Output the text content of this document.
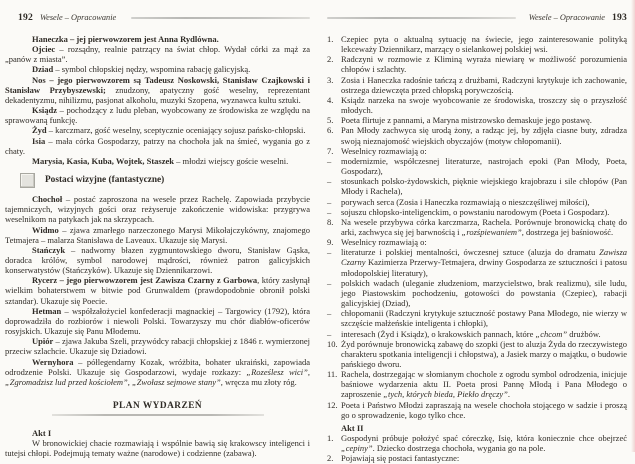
192 Wesele – Opracowanie
Haneczka – jej pierwowzorem jest Anna Rydlówna.
Ojciec – rozsądny, realnie patrzący na świat chłop. Wydał córki za mąż za „panów z miasta”.
Dziad – symbol chłopskiej nędzy, wspomina rabację galicyjską.
Nos – jego pierwowzorem są Tadeusz Noskowski, Stanisław Czajkowski i Stanisław Przybyszewski; znudzony, apatyczny gość weselny, reprezentant dekadentyzmu, nihilizmu, pasjonat alkoholu, muzyki Szopena, wyznawca kultu sztuki.
Ksiądz – pochodzący z ludu pleban, wyobcowany ze środowiska ze względu na sprawowaną funkcję.
Żyd – karczmarz, gość weselny, sceptycznie oceniający sojusz pańsko-chłopski.
Isia – mała córka Gospodarzy, patrzy na chochoła jak na śmieć, wygania go z chaty.
Marysia, Kasia, Kuba, Wojtek, Staszek – młodzi wiejscy goście weselni.
Postaci wizyjne (fantastyczne)
Chochoł – postać zaproszona na wesele przez Rachelę. Zapowiada przybycie tajemniczych, wizyjnych gości oraz reżyseruje zakończenie widowiska: przygrywa weselnikom na patykach jak na skrzypcach.
Widmo – zjawa zmarłego narzeczonego Marysi Mikołajczykówny, znajomego Tetmajera – malarza Stanisława de Laveaux. Ukazuje się Marysi.
Stańczyk – nadworny błazen zygmuntowskiego dworu, Stanisław Gąska, doradca królów, symbol narodowej mądrości, również patron galicyjskich konserwatystów (Stańczyków). Ukazuje się Dziennikarzowi.
Rycerz – jego pierwowzorem jest Zawisza Czarny z Garbowa, który zasłynął wielkim bohaterstwem w bitwie pod Grunwaldem (prawdopodobnie obronił polski sztandar). Ukazuje się Poecie.
Hetman – współzałożyciel konfederacji magnackiej – Targowicy (1792), która doprowadziła do rozbiorów i niewoli Polski. Towarzyszy mu chór diabłów-oficerów rosyjskich. Ukazuje się Panu Młodemu.
Upiór – zjawa Jakuba Szeli, przywódcy rabacji chłopskiej z 1846 r. wymierzonej przeciw szlachcie. Ukazuje się Dziadowi.
Wernyhora – półlegendarny Kozak, wróżbita, bohater ukraiński, zapowiada odrodzenie Polski. Ukazuje się Gospodarzowi, wydaje rozkazy: „Roześlesz wici”, „Zgromadzisz lud przed kościołem”, „Zwołasz sejmowe stany”, wręcza mu złoty róg.
PLAN WYDARZEŃ
Akt I
W bronowickiej chacie rozmawiają i wspólnie bawią się krakowscy inteligenci i tutejsi chłopi. Podejmują tematy ważne (narodowe) i codzienne (zabawa).
Wesele – Opracowanie 193
1. Czepiec pyta o aktualną sytuację na świecie, jego zainteresowanie polityką lekceważy Dziennikarz, marzący o sielankowej polskiej wsi.
2. Radczyni w rozmowie z Kliminą wyraża niewiarę w możliwość porozumienia chłopów i szlachty.
3. Zosia i Haneczka radośnie tańczą z drużbami, Radczyni krytykuje ich zachowanie, ostrzega dziewczęta przed chłopską porywczością.
4. Ksiądz narzeka na swoje wyobcowanie ze środowiska, troszczy się o przyszłość młodych.
5. Poeta flirtuje z pannami, a Maryna mistrzowsko demaskuje jego postawę.
6. Pan Młody zachwyca się urodą żony, a radząc jej, by zdjęła ciasne buty, zdradza swoją nieznajomość wiejskich obyczajów (motyw chłopomanii).
7. Weselnicy rozmawiają o:
–	modernizmie, współczesnej literaturze, nastrojach epoki (Pan Młody, Poeta, Gospodarz),
–	stosunkach polsko-żydowskich, pięknie wiejskiego krajobrazu i sile chłopów (Pan Młody i Rachela),
–	porywach serca (Zosia i Haneczka rozmawiają o nieszczęśliwej miłości),
–	sojuszu chłopsko-inteligenckim, o powstaniu narodowym (Poeta i Gospodarz).
8. Na wesele przybywa córka karczmarza, Rachela. Porównuje bronowicką chatę do arki, zachwyca się jej barwnością i „rozśpiewaniem”, dostrzega jej baśniowość.
9. Weselnicy rozmawiają o:
–	literaturze i polskiej mentalności, ówczesnej sztuce (aluzja do dramatu Zawisza Czarny Kazimierza Przerwy-Tetmajera, drwiny Gospodarza ze sztuczności i patosu młodopolskiej literatury),
–	polskich wadach (uleganie złudzeniom, marzycielstwo, brak realizmu), sile ludu, jego Piastowskim pochodzeniu, gotowości do powstania (Czepiec), rabacji galicyjskiej (Dziad),
–	chłopomanii (Radczyni krytykuje sztuczność postawy Pana Młodego, nie wierzy w szczęście małżeńskie inteligenta i chłopki),
–	interesach (Żyd i Ksiądz), o krakowskich pannach, które „chcom” drużbów.
10. Żyd porównuje bronowicką zabawę do szopki (jest to aluzja Żyda do rzeczywistego charakteru spotkania inteligencji i chłopstwa), a Jasiek marzy o majątku, o budowie pańskiego dworu.
11. Rachela, dostrzegając w słomianym chochole z ogrodu symbol odrodzenia, inicjuje baśniowe wydarzenia aktu II. Poeta prosi Pannę Młodą i Pana Młodego o zaproszenie „tych, których bieda, Piekło dręczy”.
12. Poeta i Państwo Młodzi zapraszają na wesele chochoła stojącego w sadzie i proszą go o sprowadzenie, kogo tylko chce.
Akt II
1. Gospodyni próbuje położyć spać córeczkę, Isię, która koniecznie chce obejrzeć „cepiny”. Dziecko dostrzega chochoła, wygania go na pole.
2. Pojawiają się postaci fantastyczne:
